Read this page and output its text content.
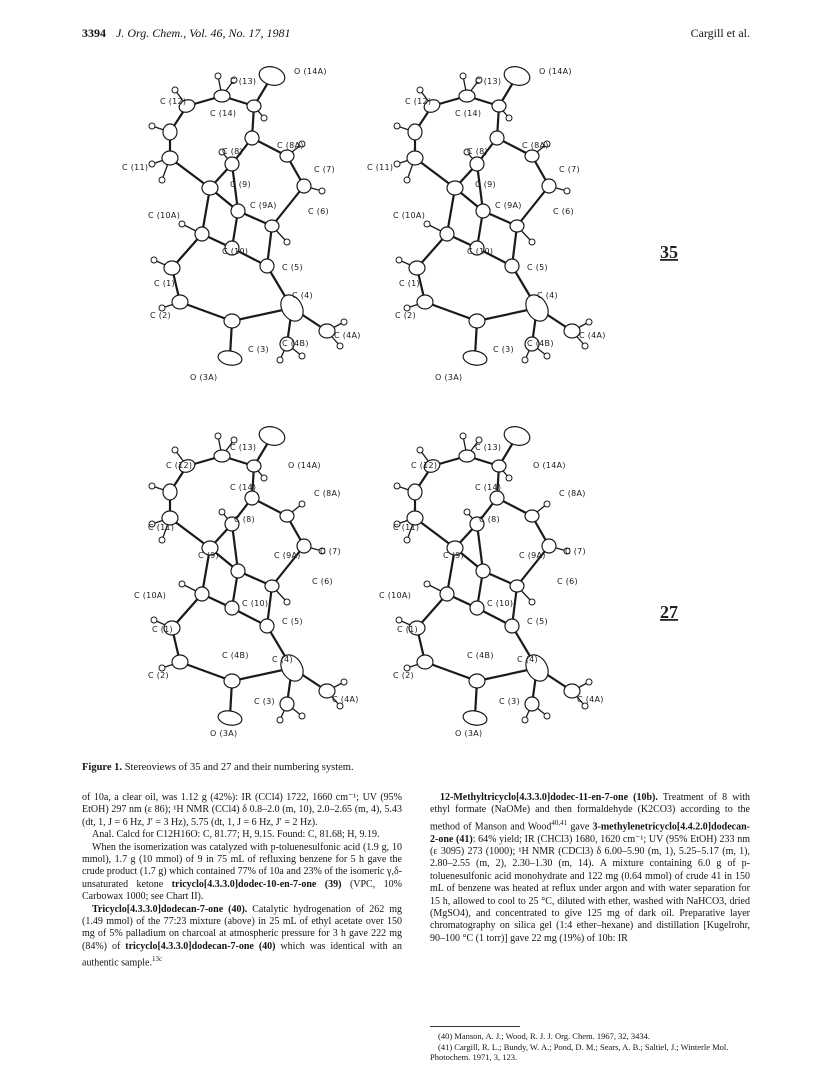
3394 J. Org. Chem., Vol. 46, No. 17, 1981	Cargill et al.
C (12)
C (13)
O (14A)
C (14)
C (8)
C (8A)
C (7)
C (11)
C (9)
C (9A)
C (6)
C (10A)
C (10)
C (5)
C (1)
C (4)
C (2)
C (3)
C (4B)
C (4A)
O (3A)
C (12)
C (13)
O (14A)
C (14)
C (8)
C (8A)
C (7)
C (11)
C (9)
C (9A)
C (6)
C (10A)
C (10)
C (5)
C (1)
C (4)
C (2)
C (3)
C (4B)
C (4A)
O (3A)
C (13)
C (12)	O (14A)
C (14)
C (8A)
C (8)
C (11)
C (9)	C (9A) C (7)
C (6)
C (10A)
C (10)
C (5)
C (1)
C (4B)	C (4)
C (2)
C (3)	C (4A)
O (3A)
C (13)
C (12)	O (14A)
C (14)
C (8A)
C (8)
C (11)
C (9)	C (9A) C (7)
C (6)
C (10A)
C (10)
C (5)
C (1)
C (4B)	C (4)
C (2)
C (3)	C (4A)
O (3A)
35
27
Figure 1. Stereoviews of 35 and 27 and their numbering system.

of 10a, a clear oil, was 1.12 g (42%): IR (CCl4) 1722, 1660 cm⁻¹; UV (95% EtOH) 297 nm (ε 86); ¹H NMR (CCl4) δ 0.8–2.0 (m, 10), 2.0–2.65 (m, 4), 5.43 (dt, 1, J = 6 Hz, J′ = 3 Hz), 5.75 (dt, 1, J = 6 Hz, J′ = 2 Hz).

Anal. Calcd for C12H16O: C, 81.77; H, 9.15. Found: C, 81.68; H, 9.19.

When the isomerization was catalyzed with p-toluenesulfonic acid (1.9 g, 10 mmol), 1.7 g (10 mmol) of 9 in 75 mL of refluxing benzene for 5 h gave the crude product (1.7 g) which contained 77% of 10a and 23% of the isomeric γ,δ-unsaturated ketone tricyclo[4.3.3.0]dodec-10-en-7-one (39) (VPC, 10% Carbowax 1000; see Chart II).

Tricyclo[4.3.3.0]dodecan-7-one (40). Catalytic hydrogenation of 262 mg (1.49 mmol) of the 77:23 mixture (above) in 25 mL of ethyl acetate over 150 mg of 5% palladium on charcoal at atmospheric pressure for 3 h gave 222 mg (84%) of tricyclo[4.3.3.0]dodecan-7-one (40) which was identical with an authentic sample.$^{13c}$

12-Methyltricyclo[4.3.3.0]dodec-11-en-7-one (10b). Treatment of 8 with ethyl formate (NaOMe) and then formaldehyde (K2CO3) according to the method of Manson and Wood$^{40,41}$ gave 3-methylenetricyclo[4.4.2.0]dodecan-2-one (41): 64% yield; IR (CHCl3) 1680, 1620 cm⁻¹; UV (95% EtOH) 233 nm (ε 3095) 273 (1000); ¹H NMR (CDCl3) δ 6.00–5.90 (m, 1), 5.25–5.17 (m, 1), 2.80–2.55 (m, 2), 2.30–1.30 (m, 14). A mixture containing 6.0 g of p-toluenesulfonic acid monohydrate and 122 mg (0.64 mmol) of crude 41 in 150 mL of benzene was heated at reflux under argon and with water separation for 15 h, allowed to cool to 25 °C, diluted with ether, washed with NaHCO3, dried (MgSO4), and concentrated to give 125 mg of dark oil. Preparative layer chromatography on silica gel (1:4 ether–hexane) and distillation [Kugelrohr, 90–100 °C (1 torr)] gave 22 mg (19%) of 10b: IR

(40) Manson, A. J.; Wood, R. J. J. Org. Chem. 1967, 32, 3434.

(41) Cargill, R. L.; Bundy, W. A.; Pond, D. M.; Sears, A. B.; Saltiel, J.; Winterle Mol. Photochem. 1971, 3, 123.
